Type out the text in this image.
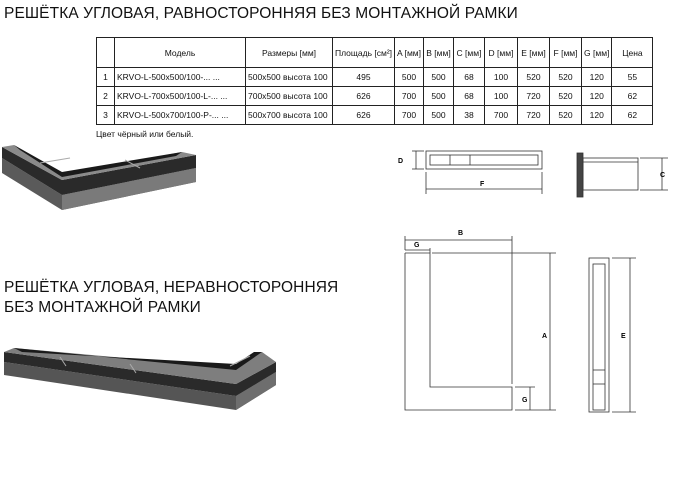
РЕШЁТКА УГЛОВАЯ, РАВНОСТОРОННЯЯ БЕЗ МОНТАЖНОЙ РАМКИ
	Модель	Размеры [мм]	Площадь [см²]	A [мм]	B [мм]	C [мм]	D [мм]	E [мм]	F [мм]	G [мм]	Цена
1	KRVO-L-500x500/100-... ...	500x500 высота 100	495	500	500	68	100	520	520	120	55
2	KRVO-L-700x500/100-L-... ...	700x500 высота 100	626	700	500	68	100	720	520	120	62
3	KRVO-L-500x700/100-P-... ...	500x700 высота 100	626	700	500	38	700	720	520	120	62
Цвет чёрный или белый.
РЕШЁТКА УГЛОВАЯ, НЕРАВНОСТОРОННЯЯ
БЕЗ МОНТАЖНОЙ РАМКИ
D
F
C
B
G
A
G
E
